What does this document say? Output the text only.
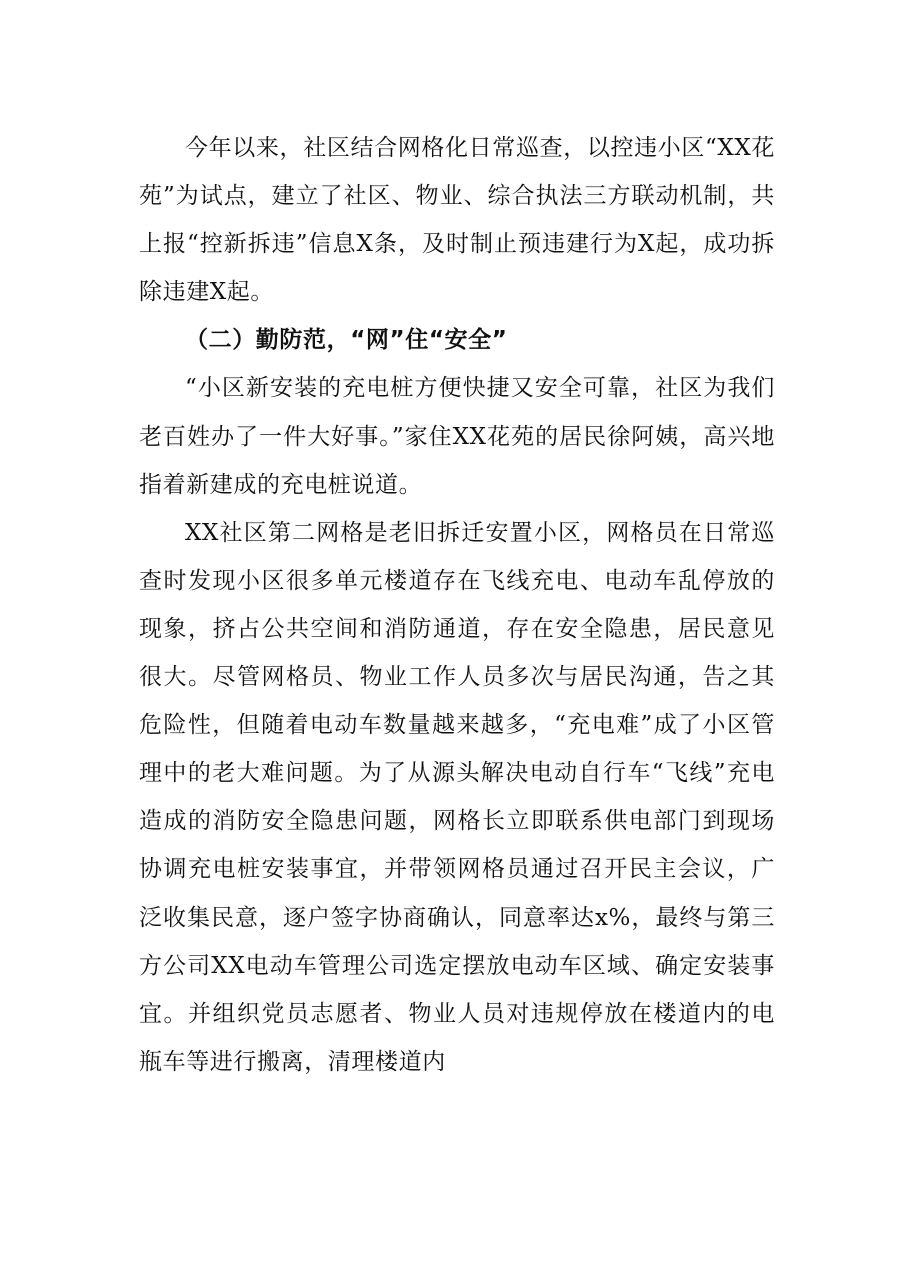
今年以来，社区结合网格化日常巡查，以控违小区“XX花苑”为试点，建立了社区、物业、综合执法三方联动机制，共上报“控新拆违”信息X条，及时制止预违建行为X起，成功拆除违建X起。

（二）勤防范，“网”住“安全”

“小区新安装的充电桩方便快捷又安全可靠，社区为我们老百姓办了一件大好事。”家住XX花苑的居民徐阿姨，高兴地指着新建成的充电桩说道。

XX社区第二网格是老旧拆迁安置小区，网格员在日常巡查时发现小区很多单元楼道存在飞线充电、电动车乱停放的现象，挤占公共空间和消防通道，存在安全隐患，居民意见很大。尽管网格员、物业工作人员多次与居民沟通，告之其危险性，但随着电动车数量越来越多，“充电难”成了小区管理中的老大难问题。为了从源头解决电动自行车“飞线”充电造成的消防安全隐患问题，网格长立即联系供电部门到现场协调充电桩安装事宜，并带领网格员通过召开民主会议，广泛收集民意，逐户签字协商确认，同意率达x%，最终与第三方公司XX电动车管理公司选定摆放电动车区域、确定安装事宜。并组织党员志愿者、物业人员对违规停放在楼道内的电瓶车等进行搬离，清理楼道内
